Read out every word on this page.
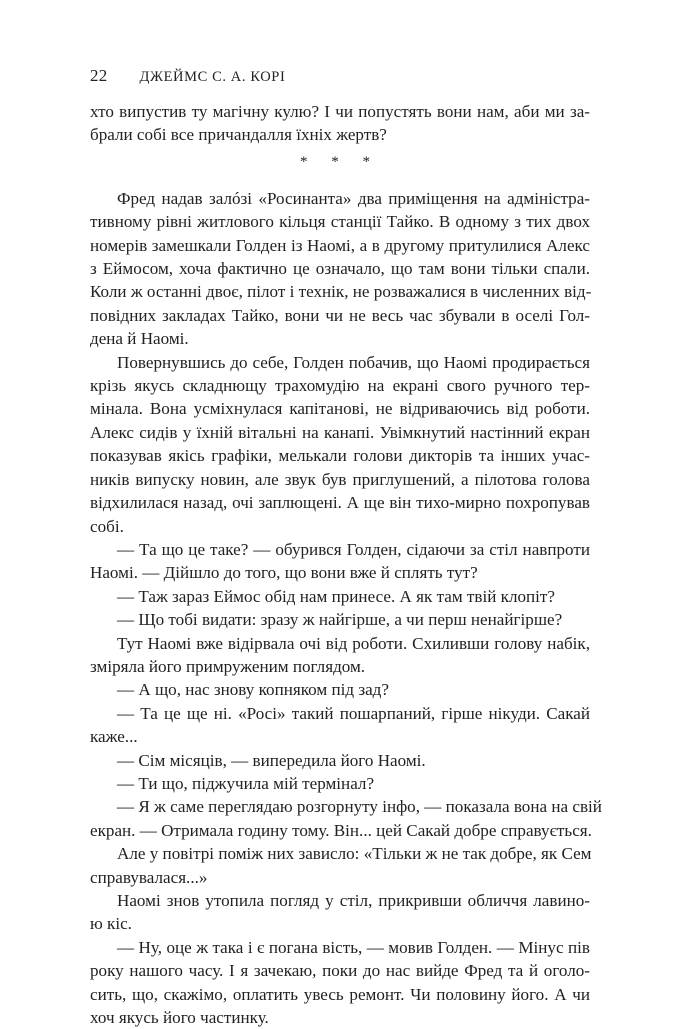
22 ДЖЕЙМС С. А. КОРІ
хто випустив ту магічну кулю? І чи попустять вони нам, аби ми за-
брали собі все причандалля їхніх жертв?
* * *
Фред надав залóзі «Росинанта» два приміщення на адміністра-
тивному рівні житлового кільця станції Тайко. В одному з тих двох
номерів замешкали Голден із Наомі, а в другому притулилися Алекс
з Еймосом, хоча фактично це означало, що там вони тільки спали.
Коли ж останні двоє, пілот і технік, не розважалися в численних від-
повідних закладах Тайко, вони чи не весь час збували в оселі Гол-
дена й Наомі.
Повернувшись до себе, Голден побачив, що Наомі продирається
крізь якусь складнющу трахомудію на екрані свого ручного тер-
мінала. Вона усміхнулася капітанові, не відриваючись від роботи.
Алекс сидів у їхній вітальні на канапі. Увімкнутий настінний екран
показував якісь графіки, мелькали голови дикторів та інших учас-
ників випуску новин, але звук був приглушений, а пілотова голова
відхилилася назад, очі заплющені. А ще він тихо-мирно похропував
собі.
— Та що це таке? — обурився Голден, сідаючи за стіл навпроти
Наомі. — Дійшло до того, що вони вже й сплять тут?
— Таж зараз Еймос обід нам принесе. А як там твій клопіт?
— Що тобі видати: зразу ж найгірше, а чи перш ненайгірше?
Тут Наомі вже відірвала очі від роботи. Схиливши голову набік,
зміряла його примруженим поглядом.
— А що, нас знову копняком під зад?
— Та це ще ні. «Росі» такий пошарпаний, гірше нікуди. Сакай
каже...
— Сім місяців, — випередила його Наомі.
— Ти що, піджучила мій термінал?
— Я ж саме переглядаю розгорнуту інфо, — показала вона на свій
екран. — Отримала годину тому. Він... цей Сакай добре справується.
Але у повітрі поміж них зависло: «Тільки ж не так добре, як Сем
справувалася...»
Наомі знов утопила погляд у стіл, прикривши обличчя лавино-
ю кіс.
— Ну, оце ж така і є погана вість, — мовив Голден. — Мінус пів
року нашого часу. І я зачекаю, поки до нас вийде Фред та й оголо-
сить, що, скажімо, оплатить увесь ремонт. Чи половину його. А чи
хоч якусь його частинку.
